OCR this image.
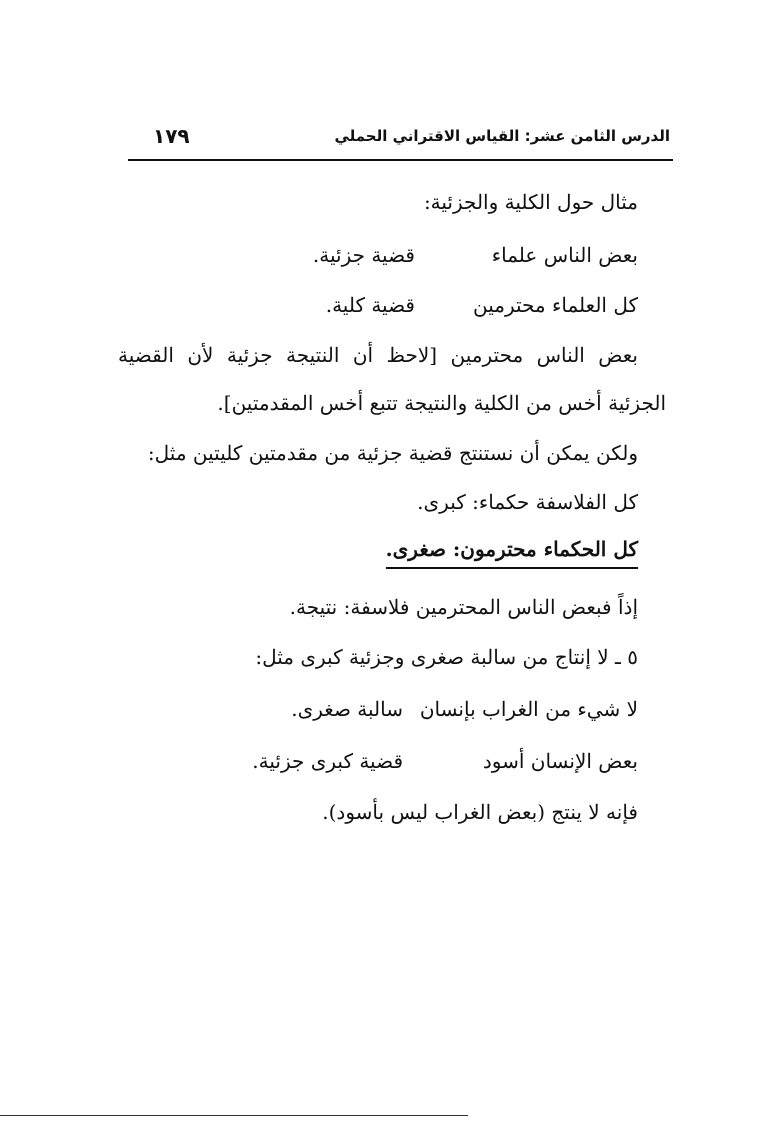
الدرس الثامن عشر: القياس الاقتراني الحملي
١٧٩
مثال حول الكلية والجزئية:
بعض الناس علماء
قضية جزئية.
كل العلماء محترمين
قضية كلية.
بعض الناس محترمين [لاحظ أن النتيجة جزئية لأن القضية
الجزئية أخس من الكلية والنتيجة تتبع أخس المقدمتين].
ولكن يمكن أن نستنتج قضية جزئية من مقدمتين كليتين مثل:
كل الفلاسفة حكماء: كبرى.
كل الحكماء محترمون: صغرى.
إذاً فبعض الناس المحترمين فلاسفة: نتيجة.
٥ ـ لا إنتاج من سالبة صغرى وجزئية كبرى مثل:
لا شيء من الغراب بإنسان
سالبة صغرى.
بعض الإنسان أسود
قضية كبرى جزئية.
فإنه لا ينتج (بعض الغراب ليس بأسود).
